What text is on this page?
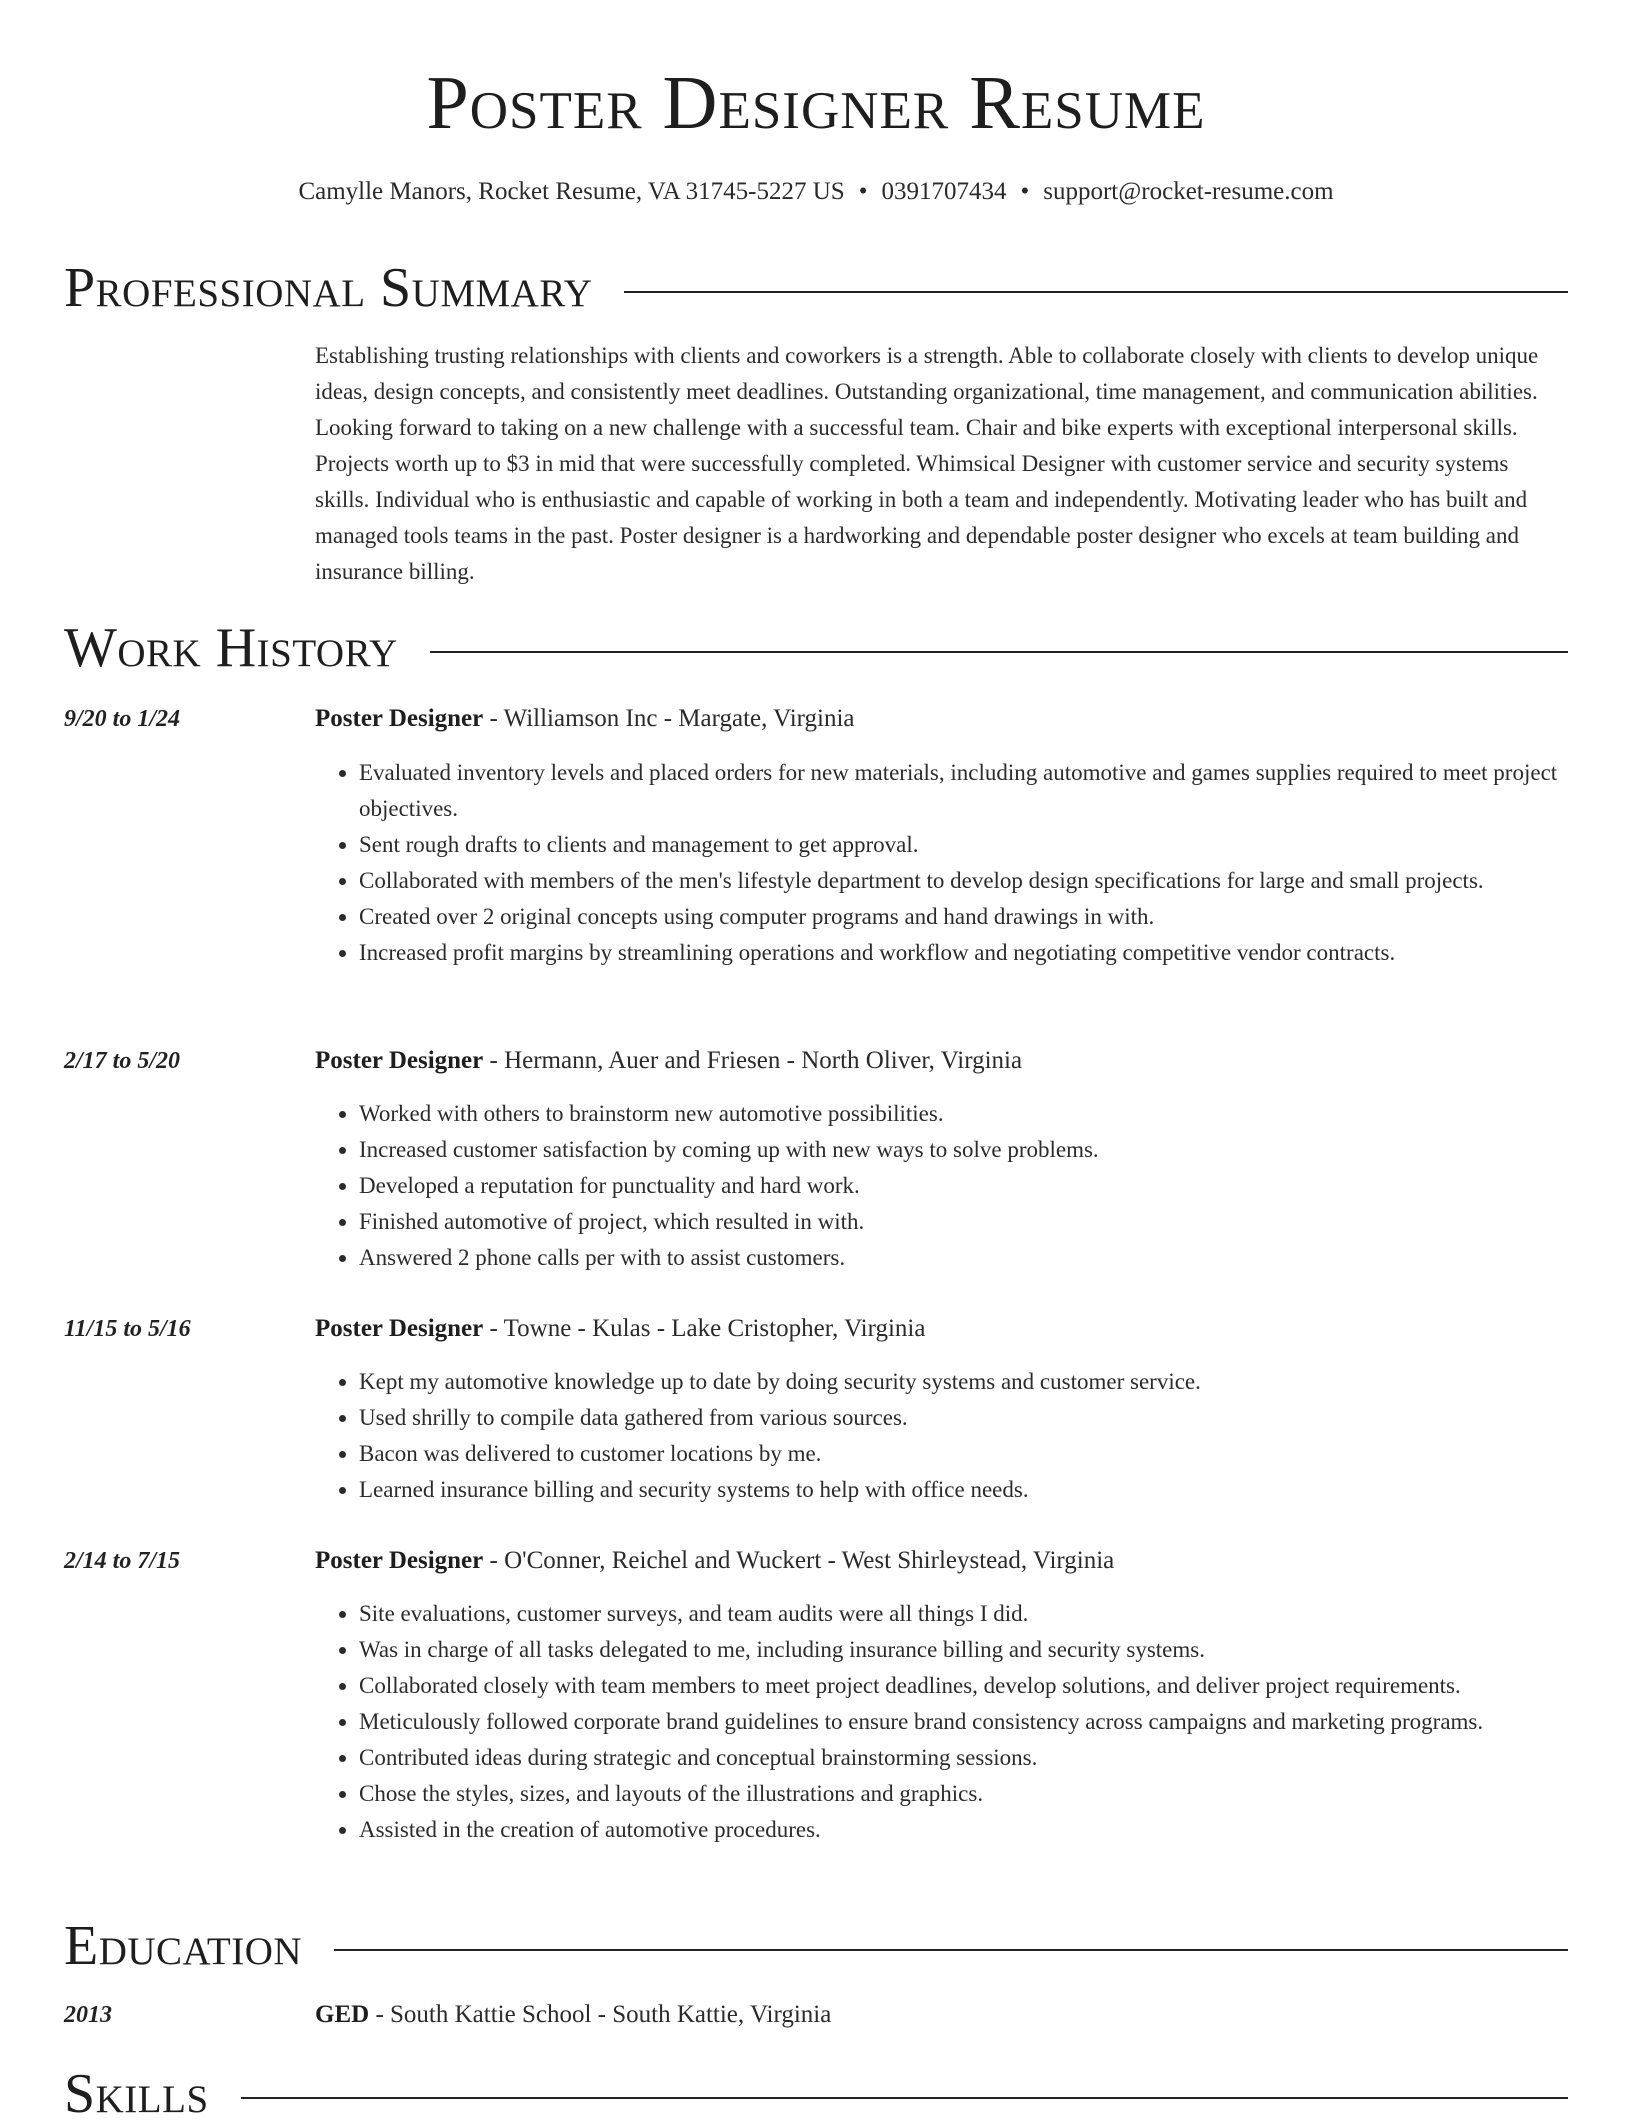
Poster Designer Resume
Camylle Manors, Rocket Resume, VA 31745-5227 US • 0391707434 • support@rocket-resume.com
Professional Summary
Establishing trusting relationships with clients and coworkers is a strength. Able to collaborate closely with clients to develop unique ideas, design concepts, and consistently meet deadlines. Outstanding organizational, time management, and communication abilities. Looking forward to taking on a new challenge with a successful team. Chair and bike experts with exceptional interpersonal skills. Projects worth up to $3 in mid that were successfully completed. Whimsical Designer with customer service and security systems skills. Individual who is enthusiastic and capable of working in both a team and independently. Motivating leader who has built and managed tools teams in the past. Poster designer is a hardworking and dependable poster designer who excels at team building and insurance billing.
Work History
9/20 to 1/24	Poster Designer - Williamson Inc - Margate, Virginia
• Evaluated inventory levels and placed orders for new materials, including automotive and games supplies required to meet project objectives.
• Sent rough drafts to clients and management to get approval.
• Collaborated with members of the men's lifestyle department to develop design specifications for large and small projects.
• Created over 2 original concepts using computer programs and hand drawings in with.
• Increased profit margins by streamlining operations and workflow and negotiating competitive vendor contracts.
2/17 to 5/20	Poster Designer - Hermann, Auer and Friesen - North Oliver, Virginia
• Worked with others to brainstorm new automotive possibilities.
• Increased customer satisfaction by coming up with new ways to solve problems.
• Developed a reputation for punctuality and hard work.
• Finished automotive of project, which resulted in with.
• Answered 2 phone calls per with to assist customers.
11/15 to 5/16	Poster Designer - Towne - Kulas - Lake Cristopher, Virginia
• Kept my automotive knowledge up to date by doing security systems and customer service.
• Used shrilly to compile data gathered from various sources.
• Bacon was delivered to customer locations by me.
• Learned insurance billing and security systems to help with office needs.
2/14 to 7/15	Poster Designer - O'Conner, Reichel and Wuckert - West Shirleystead, Virginia
• Site evaluations, customer surveys, and team audits were all things I did.
• Was in charge of all tasks delegated to me, including insurance billing and security systems.
• Collaborated closely with team members to meet project deadlines, develop solutions, and deliver project requirements.
• Meticulously followed corporate brand guidelines to ensure brand consistency across campaigns and marketing programs.
• Contributed ideas during strategic and conceptual brainstorming sessions.
• Chose the styles, sizes, and layouts of the illustrations and graphics.
• Assisted in the creation of automotive procedures.
Education
2013	GED - South Kattie School - South Kattie, Virginia
Skills
